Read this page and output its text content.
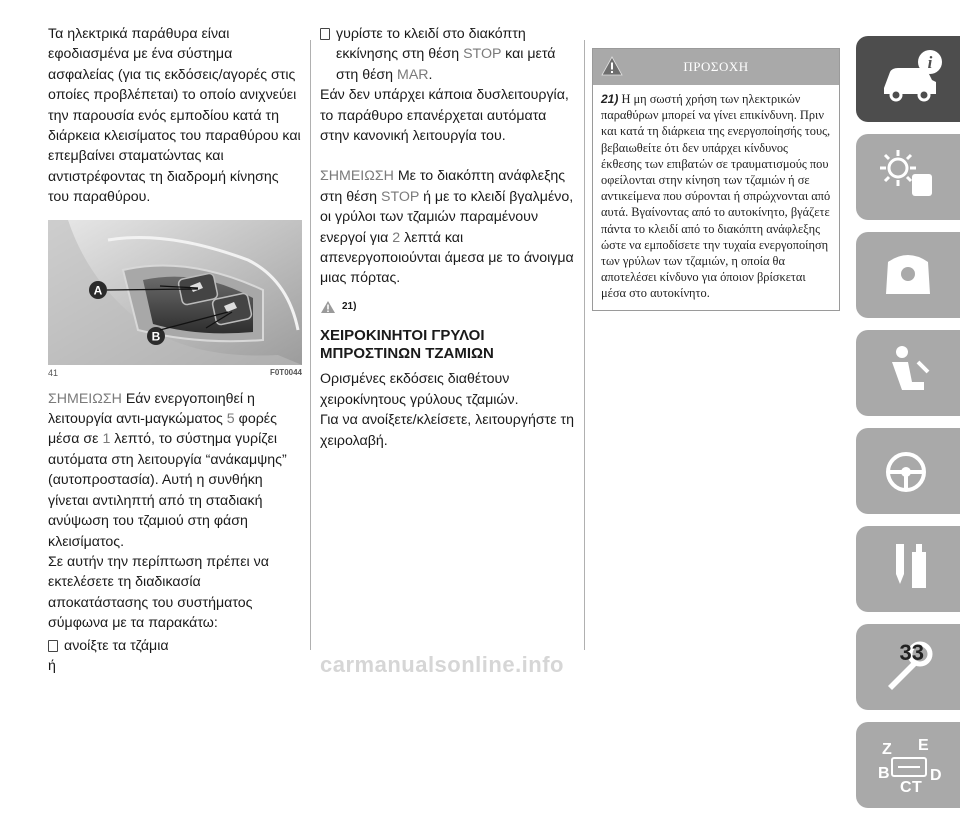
Τα ηλεκτρικά παράθυρα είναι εφοδιασμένα με ένα σύστημα ασφαλείας (για τις εκδόσεις/αγορές στις οποίες προβλέπεται) το οποίο ανιχνεύει την παρουσία ενός εμποδίου κατά τη διάρκεια κλεισίματος του παραθύρου και επεμβαίνει σταματώντας και αντιστρέφοντας τη διαδρομή κίνησης του παραθύρου.

A
B
41	F0T0044

ΣΗΜΕΙΩΣΗ Εάν ενεργοποιηθεί η λειτουργία αντι-μαγκώματος 5 φορές μέσα σε 1 λεπτό, το σύστημα γυρίζει αυτόματα στη λειτουργία “ανάκαμψης” (αυτοπροστασία). Αυτή η συνθήκη γίνεται αντιληπτή από τη σταδιακή ανύψωση του τζαμιού στη φάση κλεισίματος.

Σε αυτήν την περίπτωση πρέπει να εκτελέσετε τη διαδικασία αποκατάστασης του συστήματος σύμφωνα με τα παρακάτω:

ανοίξτε τα τζάμια

ή

γυρίστε το κλειδί στο διακόπτη εκκίνησης στη θέση STOP και μετά στη θέση MAR.

Εάν δεν υπάρχει κάποια δυσλειτουργία, το παράθυρο επανέρχεται αυτόματα στην κανονική λειτουργία του.

ΣΗΜΕΙΩΣΗ Με το διακόπτη ανάφλεξης στη θέση STOP ή με το κλειδί βγαλμένο, οι γρύλοι των τζαμιών παραμένουν ενεργοί για 2 λεπτά και απενεργοποιούνται άμεσα με το άνοιγμα μιας πόρτας.

21)
ΧΕΙΡΟΚΙΝΗΤΟΙ ΓΡΥΛΟΙ ΜΠΡΟΣΤΙΝΩΝ ΤΖΑΜΙΩΝ

Ορισμένες εκδόσεις διαθέτουν χειροκίνητους γρύλους τζαμιών.

Για να ανοίξετε/κλείσετε, λειτουργήστε τη χειρολαβή.

ΠΡΟΣΟΧΗ
21) Η μη σωστή χρήση των ηλεκτρικών παραθύρων μπορεί να γίνει επικίνδυνη. Πριν και κατά τη διάρκεια της ενεργοποίησής τους, βεβαιωθείτε ότι δεν υπάρχει κίνδυνος έκθεσης των επιβατών σε τραυματισμούς που οφείλονται στην κίνηση των τζαμιών ή σε αντικείμενα που σύρονται ή σπρώχνονται από αυτά. Βγαίνοντας από το αυτοκίνητο, βγάζετε πάντα το κλειδί από το διακόπτη ανάφλεξης ώστε να εμποδίσετε την τυχαία ενεργοποίηση των γρύλων των τζαμιών, η οποία θα αποτελέσει κίνδυνο για όποιον βρίσκεται μέσα στο αυτοκίνητο.
i
Z E
B
C T
D
33
carmanualsonline.info
